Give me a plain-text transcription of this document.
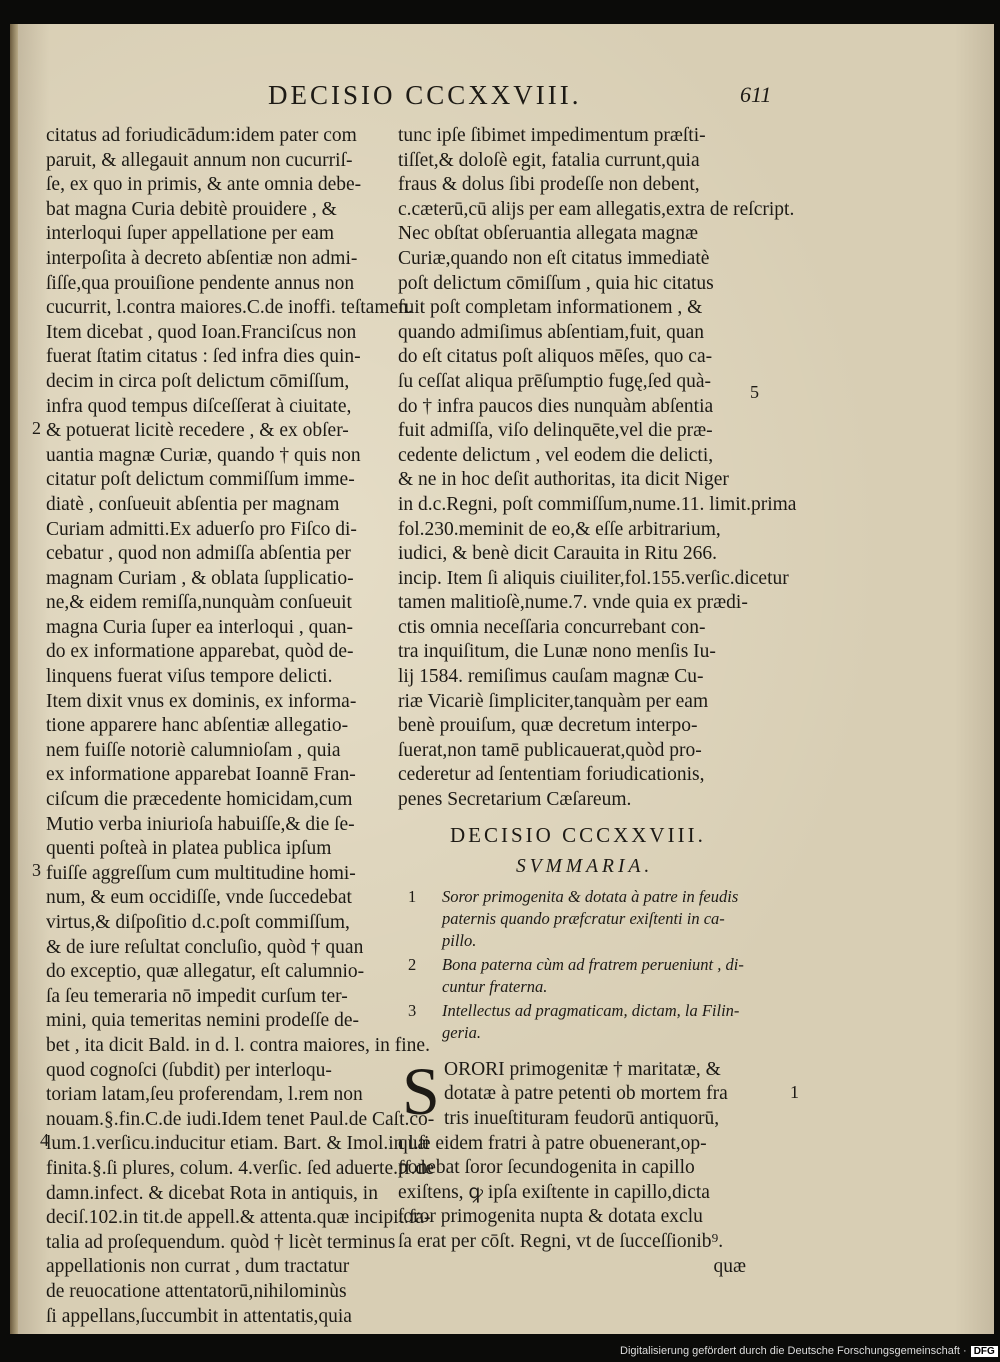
DECISIO CCCXXVIII.	611
citatus ad foriudicādum:idem pater com
paruit, & allegauit annum non cucurriſ-
ſe, ex quo in primis, & ante omnia debe-
bat magna Curia debitè prouidere , &
interloqui ſuper appellatione per eam
interpoſita à decreto abſentiæ non admi-
ſiſſe,qua prouiſione pendente annus non
cucurrit, l.contra maiores.C.de inoffi. teſtamen.
Item dicebat , quod Ioan.Franciſcus non
fuerat ſtatim citatus : ſed infra dies quin-
decim in circa poſt delictum cōmiſſum,
infra quod tempus diſceſſerat à ciuitate,
& potuerat licitè recedere , & ex obſer-
uantia magnæ Curiæ, quando † quis non
citatur poſt delictum commiſſum imme-
diatè , conſueuit abſentia per magnam
Curiam admitti.Ex aduerſo pro Fiſco di-
cebatur , quod non admiſſa abſentia per
magnam Curiam , & oblata ſupplicatio-
ne,& eidem remiſſa,nunquàm conſueuit
magna Curia ſuper ea interloqui , quan-
do ex informatione apparebat, quòd de-
linquens fuerat viſus tempore delicti.
Item dixit vnus ex dominis, ex informa-
tione apparere hanc abſentiæ allegatio-
nem fuiſſe notoriè calumnioſam , quia
ex informatione apparebat Ioannē Fran-
ciſcum die præcedente homicidam,cum
Mutio verba iniurioſa habuiſſe,& die ſe-
quenti poſteà in platea publica ipſum
fuiſſe aggreſſum cum multitudine homi-
num, & eum occidiſſe, vnde ſuccedebat
virtus,& diſpoſitio d.c.poſt commiſſum,
& de iure reſultat concluſio, quòd † quan
do exceptio, quæ allegatur, eſt calumnio-
ſa ſeu temeraria nō impedit curſum ter-
mini, quia temeritas nemini prodeſſe de-
bet , ita dicit Bald. in d. l. contra maiores, in fine.
quod cognoſci (ſubdit) per interloqu-
toriam latam,ſeu proferendam, l.rem non
nouam.§.fin.C.de iudi.Idem tenet Paul.de Caſt.co-
lum.1.verſicu.inducitur etiam. Bart. & Imol.in l.ſi
finita.§.ſi plures, colum. 4.verſic. ſed aduerte.ff.de
damn.infect. & dicebat Rota in antiquis, in
deciſ.102.in tit.de appell.& attenta.quæ incipit.fa-
talia ad proſequendum. quòd † licèt terminus
appellationis non currat , dum tractatur
de reuocatione attentatorū,nihilominùs
ſi appellans,ſuccumbit in attentatis,quia
tunc ipſe ſibimet impedimentum præſti-
tiſſet,& doloſè egit, fatalia currunt,quia
fraus & dolus ſibi prodeſſe non debent,
c.cæterū,cū alijs per eam allegatis,extra de reſcript.
Nec obſtat obſeruantia allegata magnæ
Curiæ,quando non eſt citatus immediatè
poſt delictum cōmiſſum , quia hic citatus
fuit poſt completam informationem , &
quando admiſimus abſentiam,fuit, quan
do eſt citatus poſt aliquos mēſes, quo ca-
ſu ceſſat aliqua prēſumptio fugę,ſed quà-
do † infra paucos dies nunquàm abſentia
fuit admiſſa, viſo delinquēte,vel die præ-
cedente delictum , vel eodem die delicti,
& ne in hoc deſit authoritas, ita dicit Niger
in d.c.Regni, poſt commiſſum,nume.11. limit.prima
fol.230.meminit de eo,& eſſe arbitrarium,
iudici, & benè dicit Carauita in Ritu 266.
incip. Item ſi aliquis ciuiliter,fol.155.verſic.dicetur
tamen malitioſè,nume.7. vnde quia ex prædi-
ctis omnia neceſſaria concurrebant con-
tra inquiſitum, die Lunæ nono menſis Iu-
lij 1584. remiſimus cauſam magnæ Cu-
riæ Vicariè ſimpliciter,tanquàm per eam
benè prouiſum, quæ decretum interpo-
ſuerat,non tamē publicauerat,quòd pro-
cederetur ad ſententiam foriudicationis,
penes Secretarium Cæſareum.
DECISIO CCCXXVIII.
SVMMARIA.
1 Soror primogenita & dotata à patre in feudis paternis quando præfcratur exiſtenti in ca- pillo.
2 Bona paterna cùm ad fratrem perueniunt , di- cuntur fraterna.
3 Intellectus ad pragmaticam, dictam, la Filin- geria.
S ORORI primogenitæ † maritatæ, &
dotatæ à patre petenti ob mortem fra
tris inueſtituram feudorū antiquorū,
quæ eidem fratri à patre obuenerant,op-
ponebat ſoror ſecundogenita in capillo
exiſtens, ꝙ ipſa exiſtente in capillo,dicta
ſoror primogenita nupta & dotata exclu
ſa erat per cōſt. Regni, vt de ſucceſſionib⁹.
quæ
2
3
4
5
1
Digitalisierung gefördert durch die Deutsche Forschungsgemeinschaft · DFG
